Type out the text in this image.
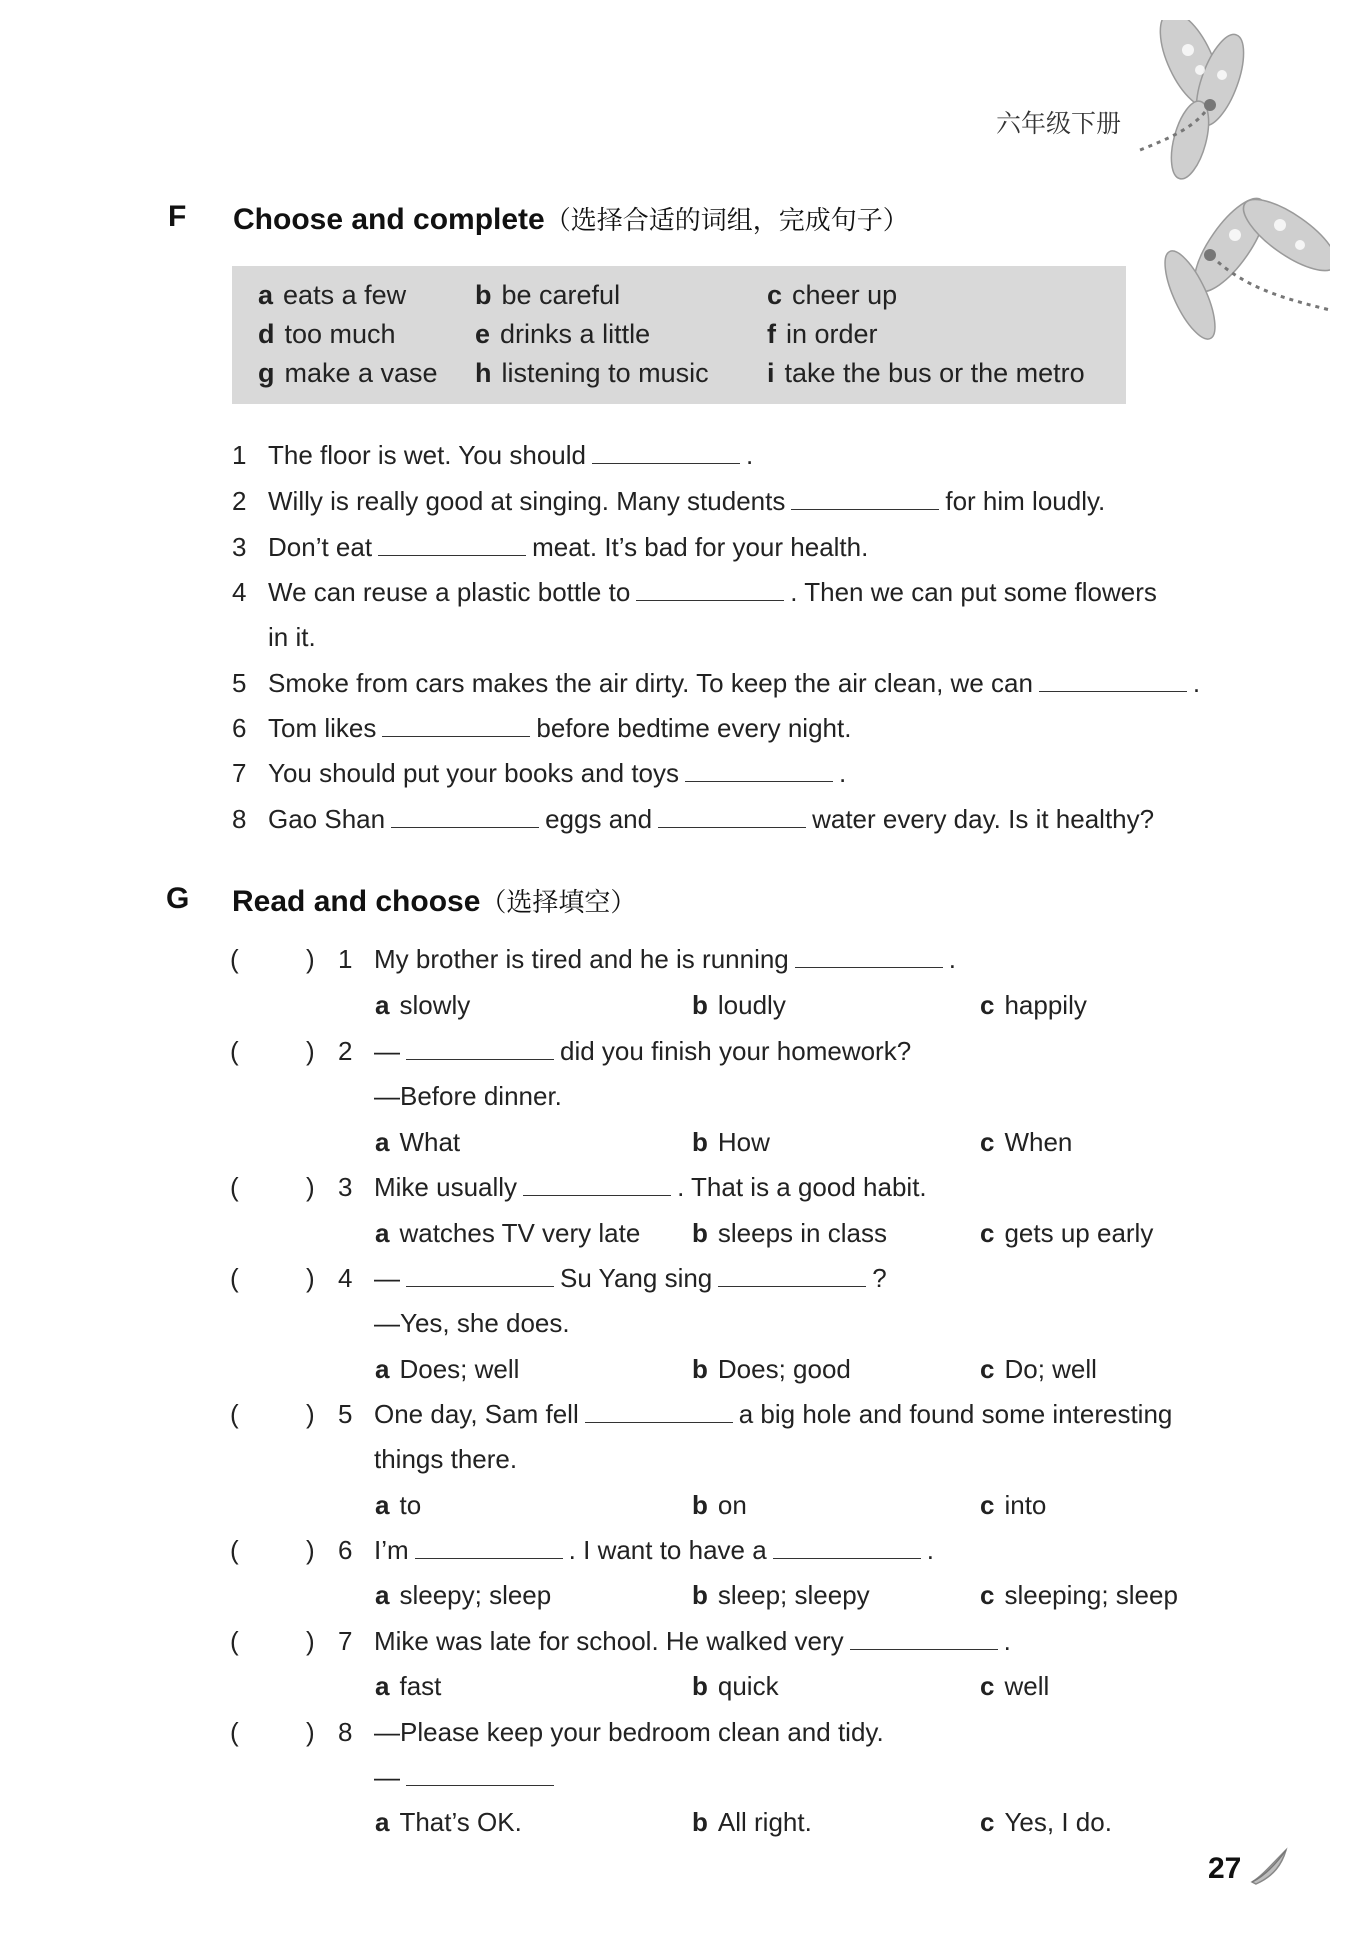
六年级下册
F Choose and complete（选择合适的词组，完成句子）
a eats a few	b be careful	c cheer up
d too much	e drinks a little	f in order
g make a vase h listening to music i take the bus or the metro
1 The floor is wet. You should	.
2 Willy is really good at singing. Many students	for him loudly.
3 Don’t eat	meat. It’s bad for your health.
4 We can reuse a plastic bottle to	. Then we can put some flowers
in it.
5 Smoke from cars makes the air dirty. To keep the air clean, we can	.
6 Tom likes	before bedtime every night.
7 You should put your books and toys	.
8 Gao Shan	eggs and	water every day. Is it healthy?
G Read and choose（选择填空）
(	) 1 My brother is tired and he is running	.
a slowly	b loudly	c happily
(	) 2 —	did you finish your homework?
—Before dinner.
a What	b How	c When
(	) 3 Mike usually	. That is a good habit.
a watches TV very late b sleeps in class	c gets up early
(	) 4 —	Su Yang sing	?
—Yes, she does.
a Does; well	b Does; good	c Do; well
(	) 5 One day, Sam fell	a big hole and found some interesting
things there.
a to	b on	c into
(	) 6 I’m	. I want to have a	.
a sleepy; sleep	b sleep; sleepy	c sleeping; sleep
(	) 7 Mike was late for school. He walked very	.
a fast	b quick	c well
(	) 8 —Please keep your bedroom clean and tidy.
—
a That’s OK.	b All right.	c Yes, I do.
27
